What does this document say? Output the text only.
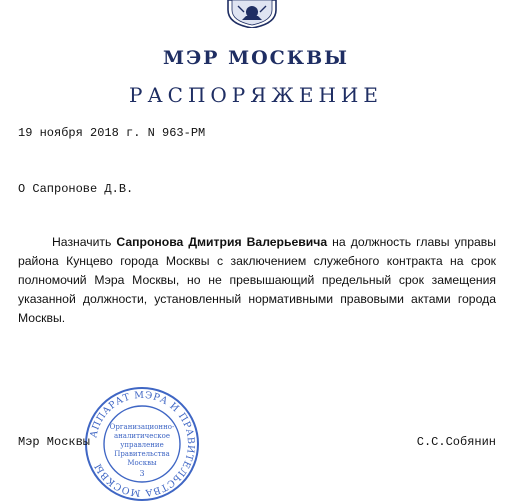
МЭР МОСКВЫ
РАСПОРЯЖЕНИЕ
19 ноября 2018 г. N 963-РМ
О Сапронове Д.В.

Назначить Сапронова Дмитрия Валерьевича на должность главы управы района Кунцево города Москвы с заключением служебного контракта на срок полномочий Мэра Москвы, но не превышающий предельный срок замещения указанной должности, установленный нормативными правовыми актами города Москвы.

АППАРАТ МЭРА И ПРАВИТЕЛЬСТВА МОСКВЫ
Организационно-
аналитическое
управление
Правительства
Москвы
3
Мэр Москвы	С.С.Собянин
